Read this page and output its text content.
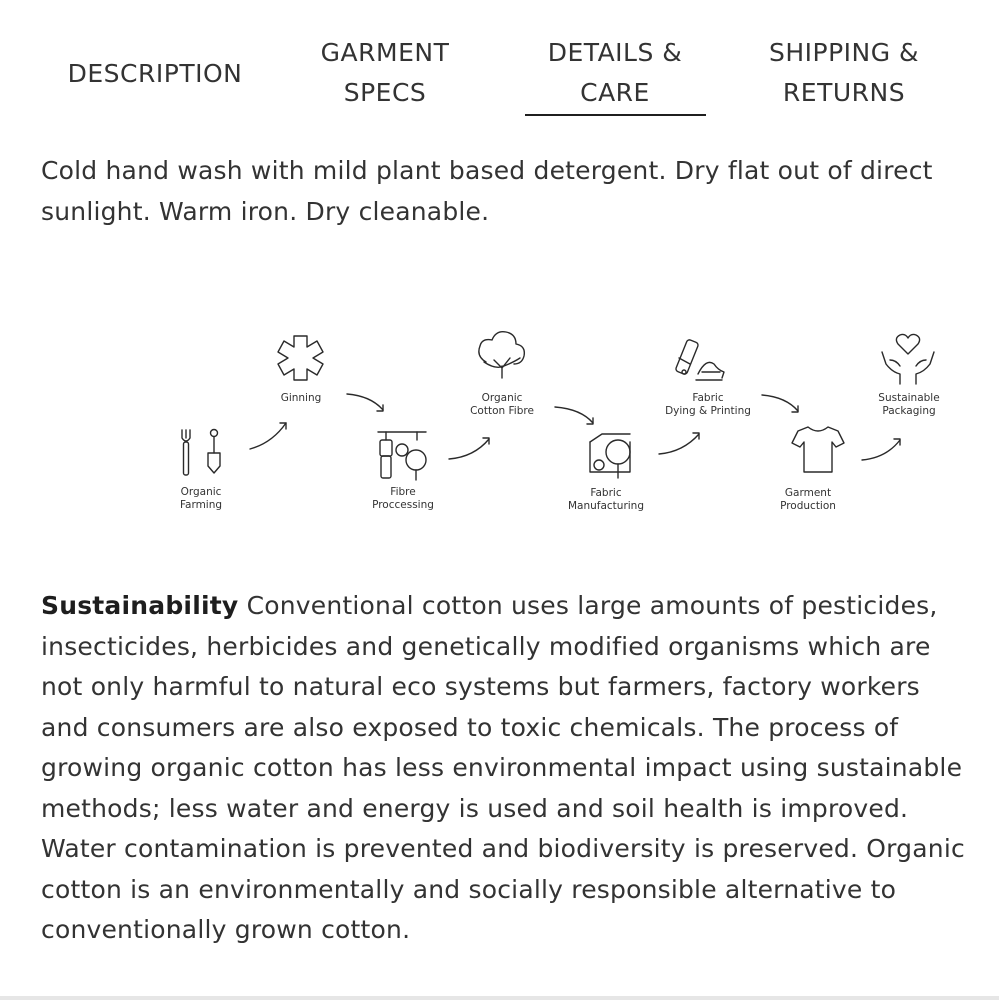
DESCRIPTION
GARMENT
SPECS
DETAILS &
CARE
SHIPPING &
RETURNS

Cold hand wash with mild plant based detergent. Dry flat out of direct sunlight. Warm iron. Dry cleanable.

Organic
Farming
Ginning
Fibre
Proccessing
Organic
Cotton Fibre
Fabric
Manufacturing
Fabric
Dying & Printing
Garment
Production
Sustainable
Packaging

Sustainability Conventional cotton uses large amounts of pesticides, insecticides, herbicides and genetically modified organisms which are not only harmful to natural eco systems but farmers, factory workers and consumers are also exposed to toxic chemicals. The process of growing organic cotton has less environmental impact using sustainable methods; less water and energy is used and soil health is improved. Water contamination is prevented and biodiversity is preserved. Organic cotton is an environmentally and socially responsible alternative to conventionally grown cotton.
